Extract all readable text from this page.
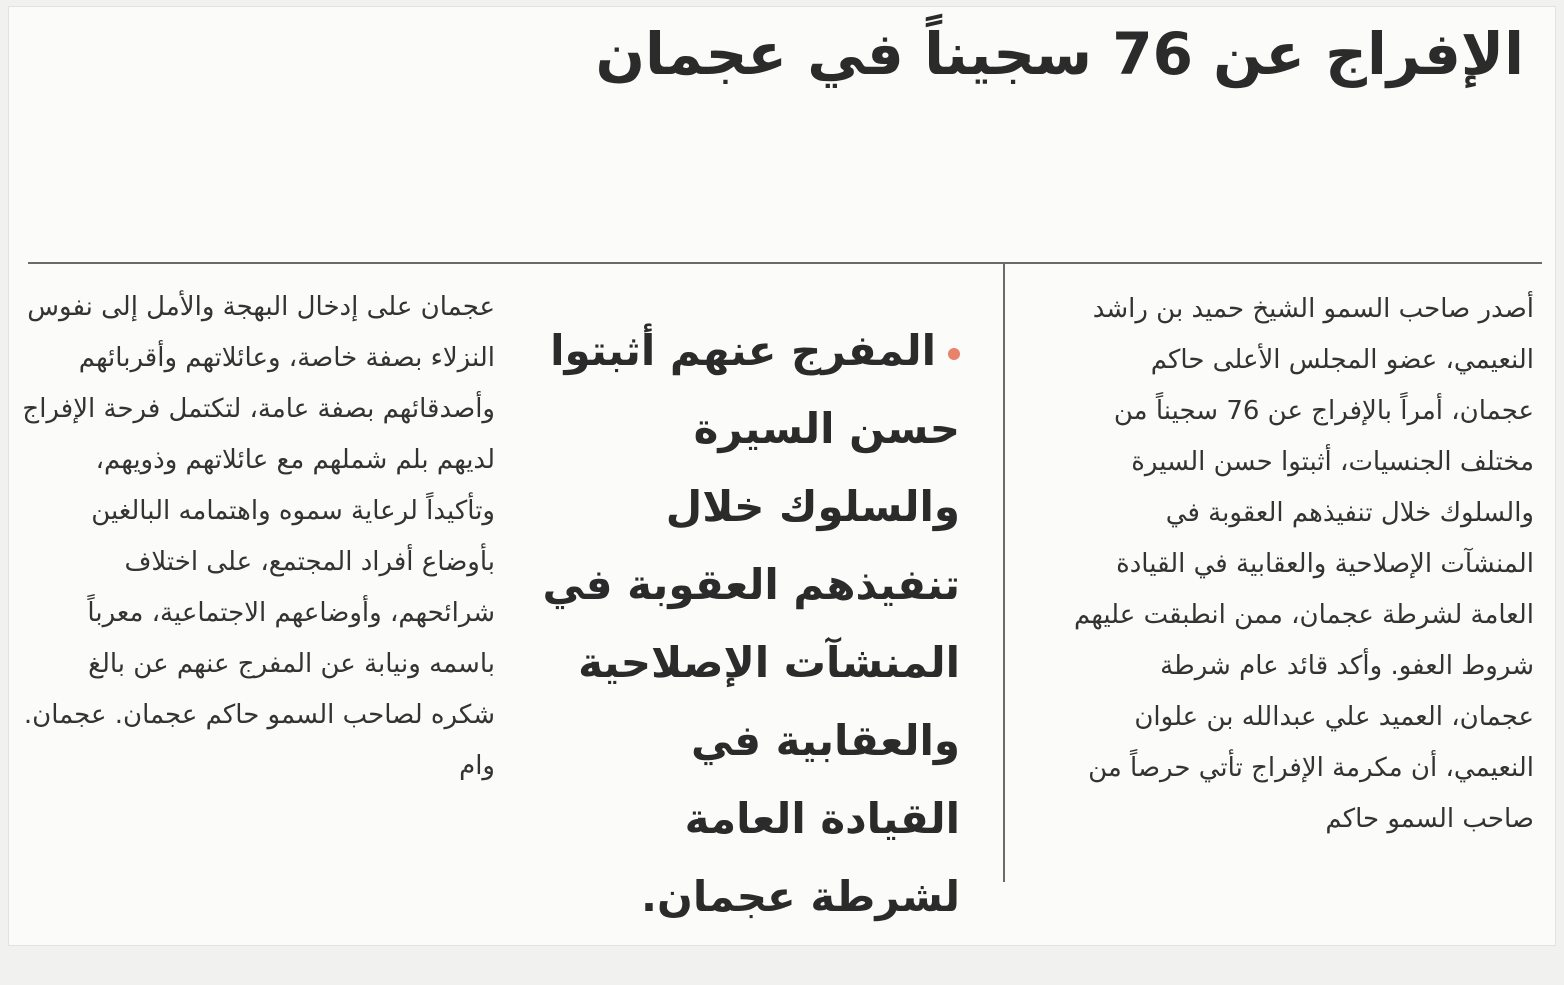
الإفراج عن 76 سجيناً في عجمان

أصدر صاحب السمو الشيخ حميد بن راشد النعيمي، عضو المجلس الأعلى حاكم عجمان، أمراً بالإفراج عن 76 سجيناً من مختلف الجنسيات، أثبتوا حسن السيرة والسلوك خلال تنفيذهم العقوبة في المنشآت الإصلاحية والعقابية في القيادة العامة لشرطة عجمان، ممن انطبقت عليهم شروط العفو. وأكد قائد عام شرطة عجمان، العميد علي عبدالله بن علوان النعيمي، أن مكرمة الإفراج تأتي حرصاً من صاحب السمو حاكم

المفرج عنهم أثبتوا حسن السيرة والسلوك خلال تنفيذهم العقوبة في المنشآت الإصلاحية والعقابية في القيادة العامة لشرطة عجمان.

عجمان على إدخال البهجة والأمل إلى نفوس النزلاء بصفة خاصة، وعائلاتهم وأقربائهم وأصدقائهم بصفة عامة، لتكتمل فرحة الإفراج لديهم بلم شملهم مع عائلاتهم وذويهم، وتأكيداً لرعاية سموه واهتمامه البالغين بأوضاع أفراد المجتمع، على اختلاف شرائحهم، وأوضاعهم الاجتماعية، معرباً باسمه ونيابة عن المفرج عنهم عن بالغ شكره لصاحب السمو حاكم عجمان. عجمان. وام
